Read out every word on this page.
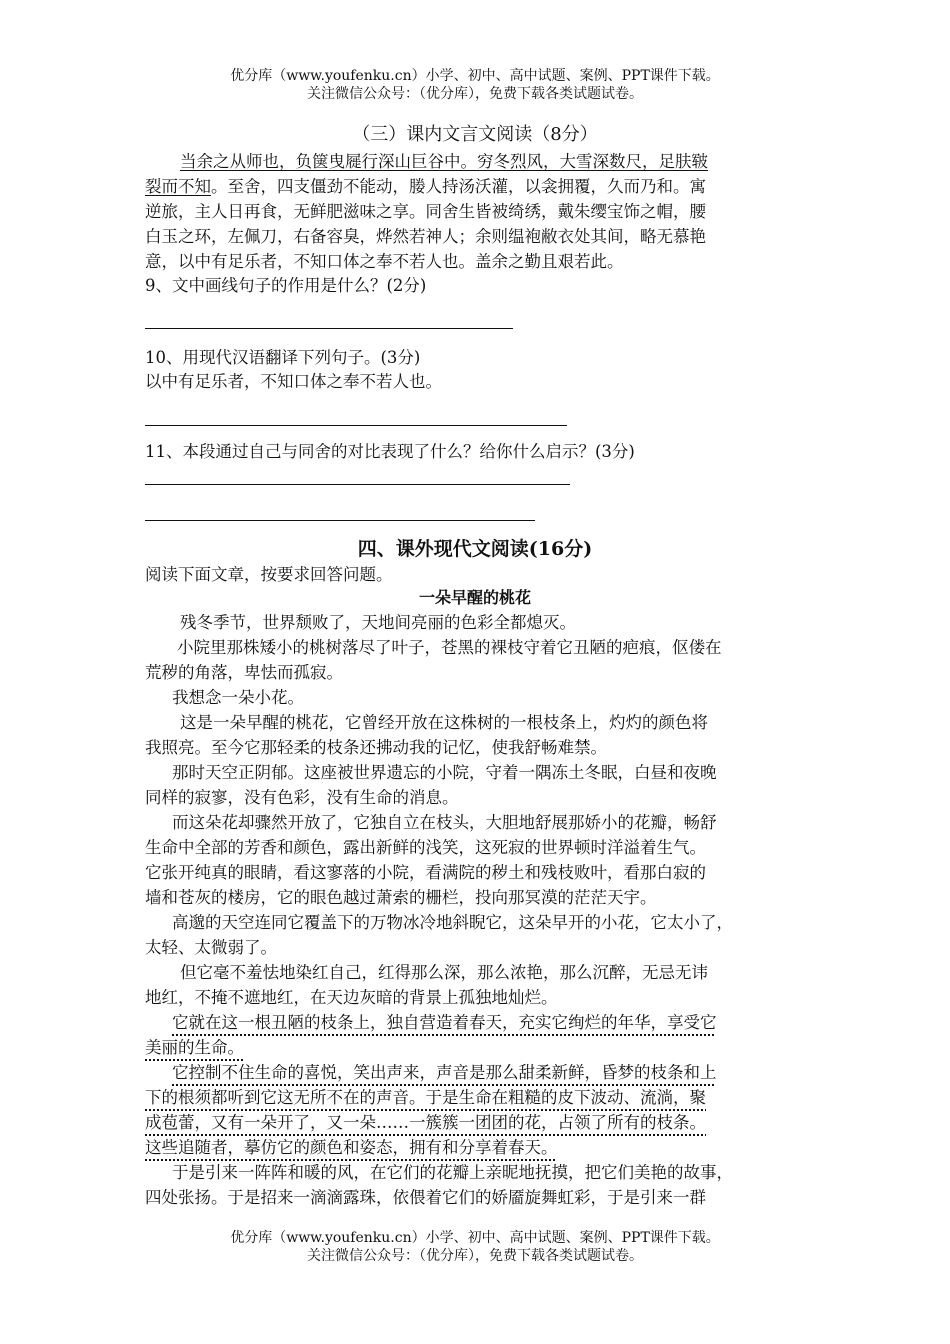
优分库（www.youfenku.cn）小学、初中、高中试题、案例、PPT课件下载。
关注微信公众号：（优分库），免费下载各类试题试卷。
（三）课内文言文阅读（8分）
当余之从师也，负箧曳屣行深山巨谷中。穷冬烈风，大雪深数尺，足肤皲
裂而不知。至舍，四支僵劲不能动，媵人持汤沃灌，以衾拥覆，久而乃和。寓
逆旅，主人日再食，无鲜肥滋味之享。同舍生皆被绮绣，戴朱缨宝饰之帽，腰
白玉之环，左佩刀，右备容臭，烨然若神人；余则缊袍敝衣处其间，略无慕艳
意，以中有足乐者，不知口体之奉不若人也。盖余之勤且艰若此。
9、文中画线句子的作用是什么？(2分)
10、用现代汉语翻译下列句子。(3分)
以中有足乐者，不知口体之奉不若人也。
11、本段通过自己与同舍的对比表现了什么？给你什么启示？(3分)
四、课外现代文阅读(16分)
阅读下面文章，按要求回答问题。
一朵早醒的桃花
残冬季节，世界颓败了，天地间亮丽的色彩全都熄灭。
小院里那株矮小的桃树落尽了叶子，苍黑的裸枝守着它丑陋的疤痕，伛偻在
荒秽的角落，卑怯而孤寂。
我想念一朵小花。
这是一朵早醒的桃花，它曾经开放在这株树的一根枝条上，灼灼的颜色将
我照亮。至今它那轻柔的枝条还拂动我的记忆，使我舒畅难禁。
那时天空正阴郁。这座被世界遗忘的小院，守着一隅冻土冬眠，白昼和夜晚
同样的寂寥，没有色彩，没有生命的消息。
而这朵花却骤然开放了，它独自立在枝头，大胆地舒展那娇小的花瓣，畅舒
生命中全部的芳香和颜色，露出新鲜的浅笑，这死寂的世界顿时洋溢着生气。
它张开纯真的眼睛，看这寥落的小院，看满院的秽土和残枝败叶，看那白寂的
墙和苍灰的楼房，它的眼色越过萧索的栅栏，投向那冥漠的茫茫天宇。
高邈的天空连同它覆盖下的万物冰冷地斜睨它，这朵早开的小花，它太小了，
太轻、太微弱了。
但它毫不羞怯地染红自己，红得那么深，那么浓艳，那么沉醉，无忌无讳
地红，不掩不遮地红，在天边灰暗的背景上孤独地灿烂。
它就在这一根丑陋的枝条上，独自营造着春天，充实它绚烂的年华，享受它
美丽的生命。
它控制不住生命的喜悦，笑出声来，声音是那么甜柔新鲜，昏梦的枝条和上
下的根须都听到它这无所不在的声音。于是生命在粗糙的皮下波动、流淌，聚
成苞蕾，又有一朵开了，又一朵……一簇簇一团团的花，占领了所有的枝条。
这些追随者，摹仿它的颜色和姿态，拥有和分享着春天。
于是引来一阵阵和暖的风，在它们的花瓣上亲昵地抚摸，把它们美艳的故事，
四处张扬。于是招来一滴滴露珠，依偎着它们的娇靥旋舞虹彩，于是引来一群
优分库（www.youfenku.cn）小学、初中、高中试题、案例、PPT课件下载。
关注微信公众号：（优分库），免费下载各类试题试卷。
